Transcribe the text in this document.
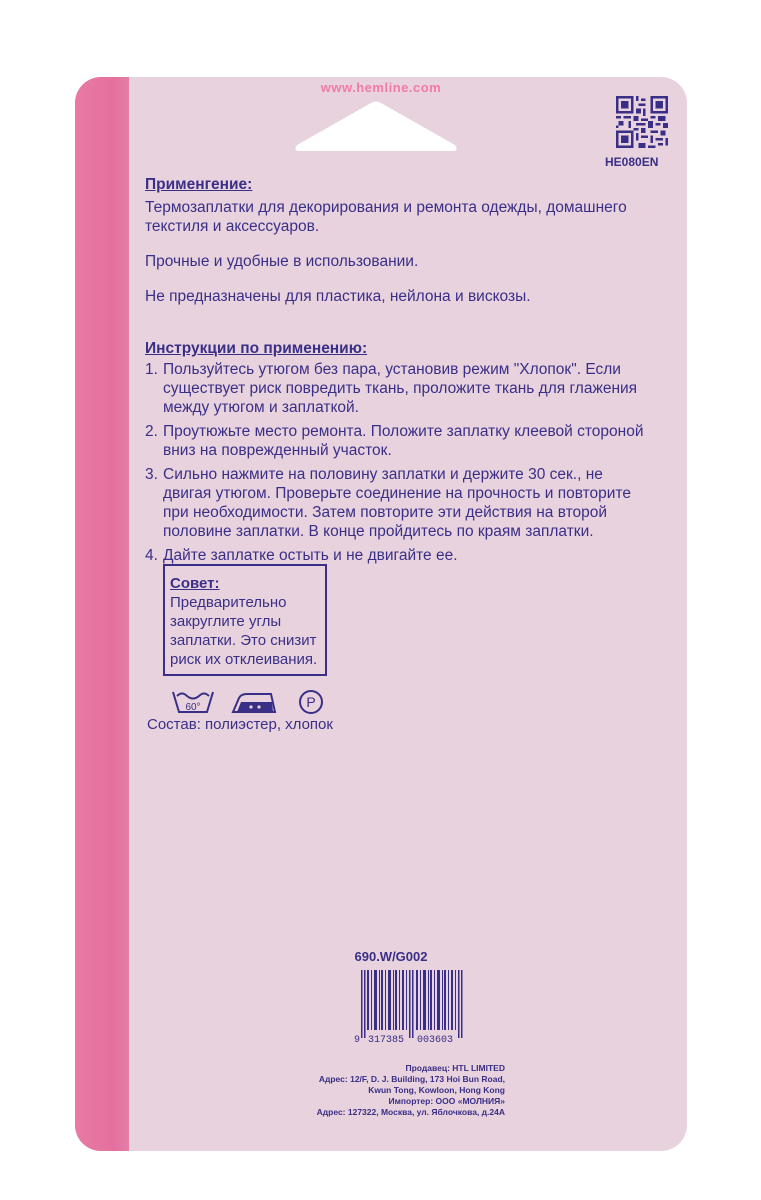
www.hemline.com
HE080EN
Применгение:

Термозаплатки для декорирования и ремонта одежды, домашнего текстиля и аксессуаров.

Прочные и удобные в использовании.

Не предназначены для пластика, нейлона и вискозы.

Инструкции по применению:
1. Пользуйтесь утюгом без пара, установив режим "Хлопок". Если существует риск повредить ткань, проложите ткань для глажения между утюгом и заплаткой.
2. Проутюжьте место ремонта. Положите заплатку клеевой стороной вниз на поврежденный участок.
3. Сильно нажмите на половину заплатки и держите 30 сек., не двигая утюгом. Проверьте соединение на прочность и повторите при необходимости. Затем повторите эти действия на второй половине заплатки. В конце пройдитесь по краям заплатки.
4. Дайте заплатке остыть и не двигайте ее.
Совет:
Предварительно закруглите углы заплатки. Это снизит риск их отклеивания.
60°	P
Состав: полиэстер, хлопок
690.W/G002
9 317385 003603
Продавец: HTL LIMITED
Адрес: 12/F, D. J. Building, 173 Hoi Bun Road,
Kwun Tong, Kowloon, Hong Kong
Импортер: ООО «МОЛНИЯ»
Адрес: 127322, Москва, ул. Яблочкова, д.24А
